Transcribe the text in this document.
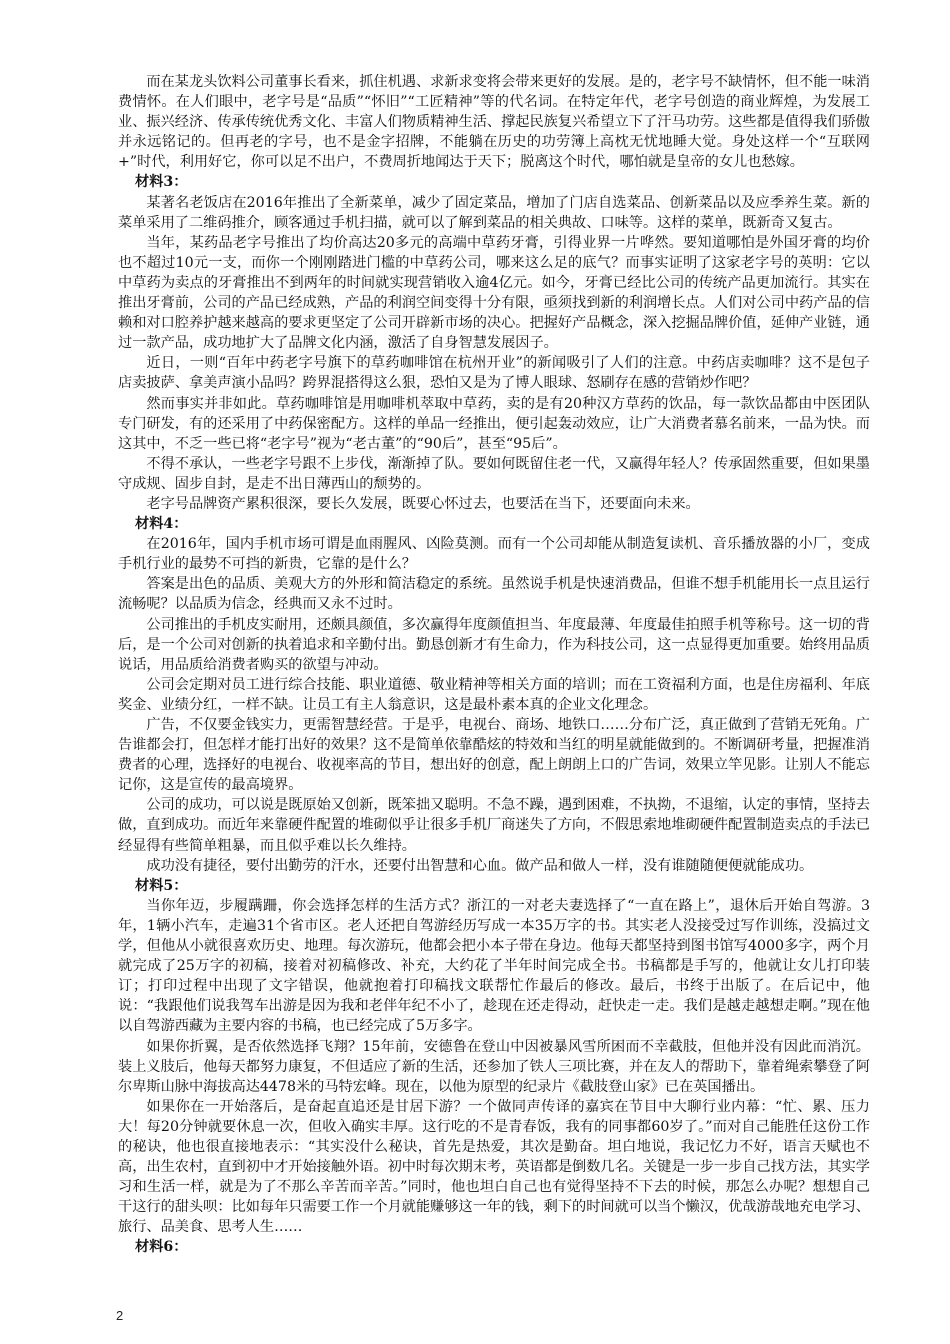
而在某龙头饮料公司董事长看来，抓住机遇、求新求变将会带来更好的发展。是的，老字号不缺情怀，但不能一味消费情怀。在人们眼中，老字号是“品质”“怀旧”“工匠精神”等的代名词。在特定年代，老字号创造的商业辉煌，为发展工业、振兴经济、传承传统优秀文化、丰富人们物质精神生活、撑起民族复兴希望立下了汗马功劳。这些都是值得我们骄傲并永远铭记的。但再老的字号，也不是金字招牌，不能躺在历史的功劳簿上高枕无忧地睡大觉。身处这样一个“互联网+”时代，利用好它，你可以足不出户，不费周折地闻达于天下；脱离这个时代，哪怕就是皇帝的女儿也愁嫁。

材料3：

某著名老饭店在2016年推出了全新菜单，减少了固定菜品，增加了门店自选菜品、创新菜品以及应季养生菜。新的菜单采用了二维码推介，顾客通过手机扫描，就可以了解到菜品的相关典故、口味等。这样的菜单，既新奇又复古。

当年，某药品老字号推出了均价高达20多元的高端中草药牙膏，引得业界一片哗然。要知道哪怕是外国牙膏的均价也不超过10元一支，而你一个刚刚踏进门槛的中草药公司，哪来这么足的底气？而事实证明了这家老字号的英明：它以中草药为卖点的牙膏推出不到两年的时间就实现营销收入逾4亿元。如今，牙膏已经比公司的传统产品更加流行。其实在推出牙膏前，公司的产品已经成熟，产品的利润空间变得十分有限，亟须找到新的利润增长点。人们对公司中药产品的信赖和对口腔养护越来越高的要求更坚定了公司开辟新市场的决心。把握好产品概念，深入挖掘品牌价值，延伸产业链，通过一款产品，成功地扩大了品牌文化内涵，激活了自身智慧发展因子。

近日，一则“百年中药老字号旗下的草药咖啡馆在杭州开业”的新闻吸引了人们的注意。中药店卖咖啡？这不是包子店卖披萨、拿美声演小品吗？跨界混搭得这么狠，恐怕又是为了博人眼球、怒刷存在感的营销炒作吧？

然而事实并非如此。草药咖啡馆是用咖啡机萃取中草药，卖的是有20种汉方草药的饮品，每一款饮品都由中医团队专门研发，有的还采用了中药保密配方。这样的单品一经推出，便引起轰动效应，让广大消费者慕名前来，一品为快。而这其中，不乏一些已将“老字号”视为“老古董”的“90后”，甚至“95后”。

不得不承认，一些老字号跟不上步伐，渐渐掉了队。要如何既留住老一代，又赢得年轻人？传承固然重要，但如果墨守成规、固步自封，是走不出日薄西山的颓势的。

老字号品牌资产累积很深，要长久发展，既要心怀过去，也要活在当下，还要面向未来。

材料4：

在2016年，国内手机市场可谓是血雨腥风、凶险莫测。而有一个公司却能从制造复读机、音乐播放器的小厂，变成手机行业的最势不可挡的新贵，它靠的是什么？

答案是出色的品质、美观大方的外形和简洁稳定的系统。虽然说手机是快速消费品，但谁不想手机能用长一点且运行流畅呢？以品质为信念，经典而又永不过时。

公司推出的手机皮实耐用，还颇具颜值，多次赢得年度颜值担当、年度最薄、年度最佳拍照手机等称号。这一切的背后，是一个公司对创新的执着追求和辛勤付出。勤恳创新才有生命力，作为科技公司，这一点显得更加重要。始终用品质说话，用品质给消费者购买的欲望与冲动。

公司会定期对员工进行综合技能、职业道德、敬业精神等相关方面的培训；而在工资福利方面，也是住房福利、年底奖金、业绩分红，一样不缺。让员工有主人翁意识，这是最朴素本真的企业文化理念。

广告，不仅要金钱实力，更需智慧经营。于是乎，电视台、商场、地铁口……分布广泛，真正做到了营销无死角。广告谁都会打，但怎样才能打出好的效果？这不是简单依靠酷炫的特效和当红的明星就能做到的。不断调研考量，把握准消费者的心理，选择好的电视台、收视率高的节目，想出好的创意，配上朗朗上口的广告词，效果立竿见影。让别人不能忘记你，这是宣传的最高境界。

公司的成功，可以说是既原始又创新，既笨拙又聪明。不急不躁，遇到困难，不执拗，不退缩，认定的事情，坚持去做，直到成功。而近年来靠硬件配置的堆砌似乎让很多手机厂商迷失了方向，不假思索地堆砌硬件配置制造卖点的手法已经显得有些简单粗暴，而且似乎难以长久维持。

成功没有捷径，要付出勤劳的汗水，还要付出智慧和心血。做产品和做人一样，没有谁随随便便就能成功。

材料5：

当你年迈，步履蹒跚，你会选择怎样的生活方式？浙江的一对老夫妻选择了“一直在路上”，退休后开始自驾游。3年，1辆小汽车，走遍31个省市区。老人还把自驾游经历写成一本35万字的书。其实老人没接受过写作训练，没搞过文学，但他从小就很喜欢历史、地理。每次游玩，他都会把小本子带在身边。他每天都坚持到图书馆写4000多字，两个月就完成了25万字的初稿，接着对初稿修改、补充，大约花了半年时间完成全书。书稿都是手写的，他就让女儿打印装订；打印过程中出现了文字错误，他就抱着打印稿找文联帮忙作最后的修改。最后，书终于出版了。在后记中，他说：“我跟他们说我驾车出游是因为我和老伴年纪不小了，趁现在还走得动，赶快走一走。我们是越走越想走啊。”现在他以自驾游西藏为主要内容的书稿，也已经完成了5万多字。

如果你折翼，是否依然选择飞翔？15年前，安德鲁在登山中因被暴风雪所困而不幸截肢，但他并没有因此而消沉。装上义肢后，他每天都努力康复，不但适应了新的生活，还参加了铁人三项比赛，并在友人的帮助下，靠着绳索攀登了阿尔卑斯山脉中海拔高达4478米的马特宏峰。现在，以他为原型的纪录片《截肢登山家》已在英国播出。

如果你在一开始落后，是奋起直追还是甘居下游？一个做同声传译的嘉宾在节目中大聊行业内幕：“忙、累、压力大！每20分钟就要休息一次，但收入确实丰厚。这行吃的不是青春饭，我有的同事都60岁了。”而对自己能胜任这份工作的秘诀，他也很直接地表示：“其实没什么秘诀，首先是热爱，其次是勤奋。坦白地说，我记忆力不好，语言天赋也不高，出生农村，直到初中才开始接触外语。初中时每次期末考，英语都是倒数几名。关键是一步一步自己找方法，其实学习和生活一样，就是为了不那么辛苦而辛苦。”同时，他也坦白自己也有觉得坚持不下去的时候，那怎么办呢？想想自己干这行的甜头呗：比如每年只需要工作一个月就能赚够这一年的钱，剩下的时间就可以当个懒汉，优哉游哉地充电学习、旅行、品美食、思考人生……

材料6：

2
